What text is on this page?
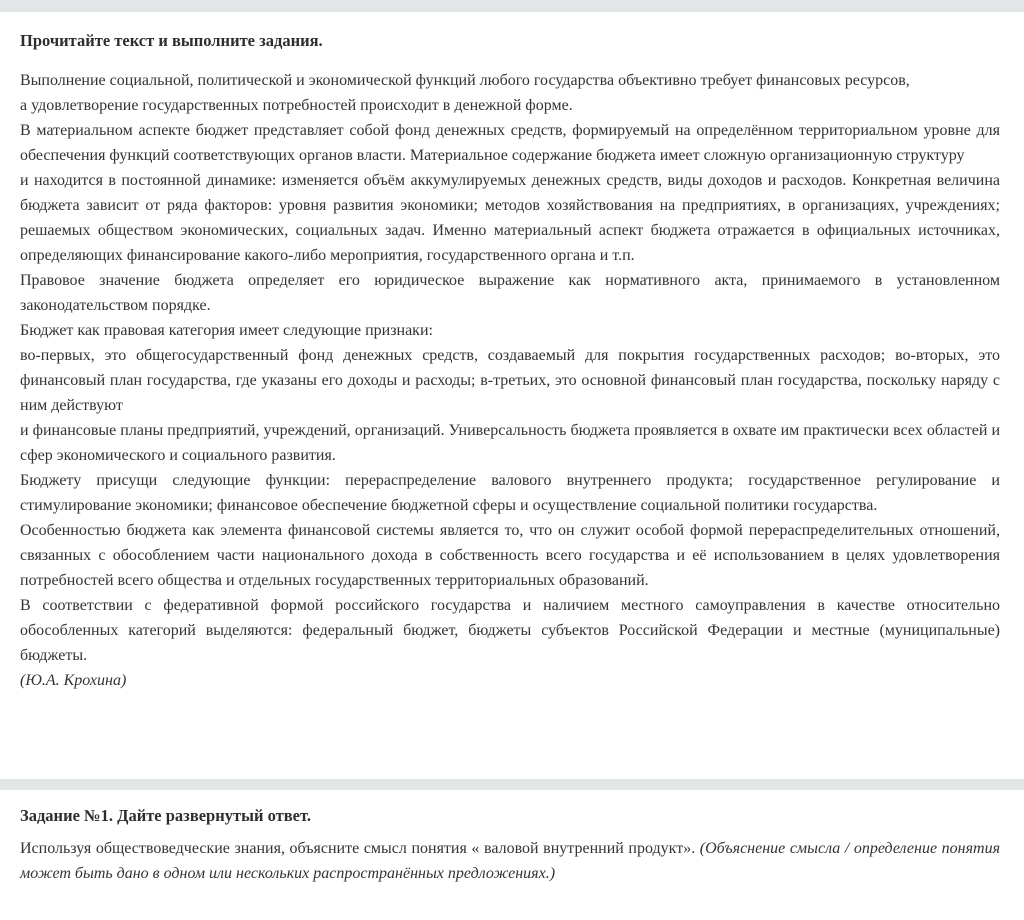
Прочитайте текст и выполните задания.

Выполнение социальной, политической и экономической функций любого государства объективно требует финансовых ресурсов,

а удовлетворение государственных потребностей происходит в денежной форме.

В материальном аспекте бюджет представляет собой фонд денежных средств, формируемый на определённом территориальном уровне для обеспечения функций соответствующих органов власти. Материальное содержание бюджета имеет сложную организационную структуру

и находится в постоянной динамике: изменяется объём аккумулируемых денежных средств, виды доходов и расходов. Конкретная величина бюджета зависит от ряда факторов: уровня развития экономики; методов хозяйствования на предприятиях, в организациях, учреждениях; решаемых обществом экономических, социальных задач. Именно материальный аспект бюджета отражается в официальных источниках, определяющих финансирование какого-либо мероприятия, государственного органа и т.п.

Правовое значение бюджета определяет его юридическое выражение как нормативного акта, принимаемого в установленном законодательством порядке.

Бюджет как правовая категория имеет следующие признаки:

во-первых, это общегосударственный фонд денежных средств, создаваемый для покрытия государственных расходов; во-вторых, это финансовый план государства, где указаны его доходы и расходы; в-третьих, это основной финансовый план государства, поскольку наряду с ним действуют

и финансовые планы предприятий, учреждений, организаций. Универсальность бюджета проявляется в охвате им практически всех областей и сфер экономического и социального развития.

Бюджету присущи следующие функции: перераспределение валового внутреннего продукта; государственное регулирование и стимулирование экономики; финансовое обеспечение бюджетной сферы и осуществление социальной политики государства.

Особенностью бюджета как элемента финансовой системы является то, что он служит особой формой перераспределительных отношений, связанных с обособлением части национального дохода в собственность всего государства и её использованием в целях удовлетворения потребностей всего общества и отдельных государственных территориальных образований.

В соответствии с федеративной формой российского государства и наличием местного самоуправления в качестве относительно обособленных категорий выделяются: федеральный бюджет, бюджеты субъектов Российской Федерации и местные (муниципальные) бюджеты.

(Ю.А. Крохина)

Задание №1. Дайте развернутый ответ.

Используя обществоведческие знания, объясните смысл понятия « валовой внутренний продукт». (Объяснение смысла / определение понятия может быть дано в одном или нескольких распространённых предложениях.)
